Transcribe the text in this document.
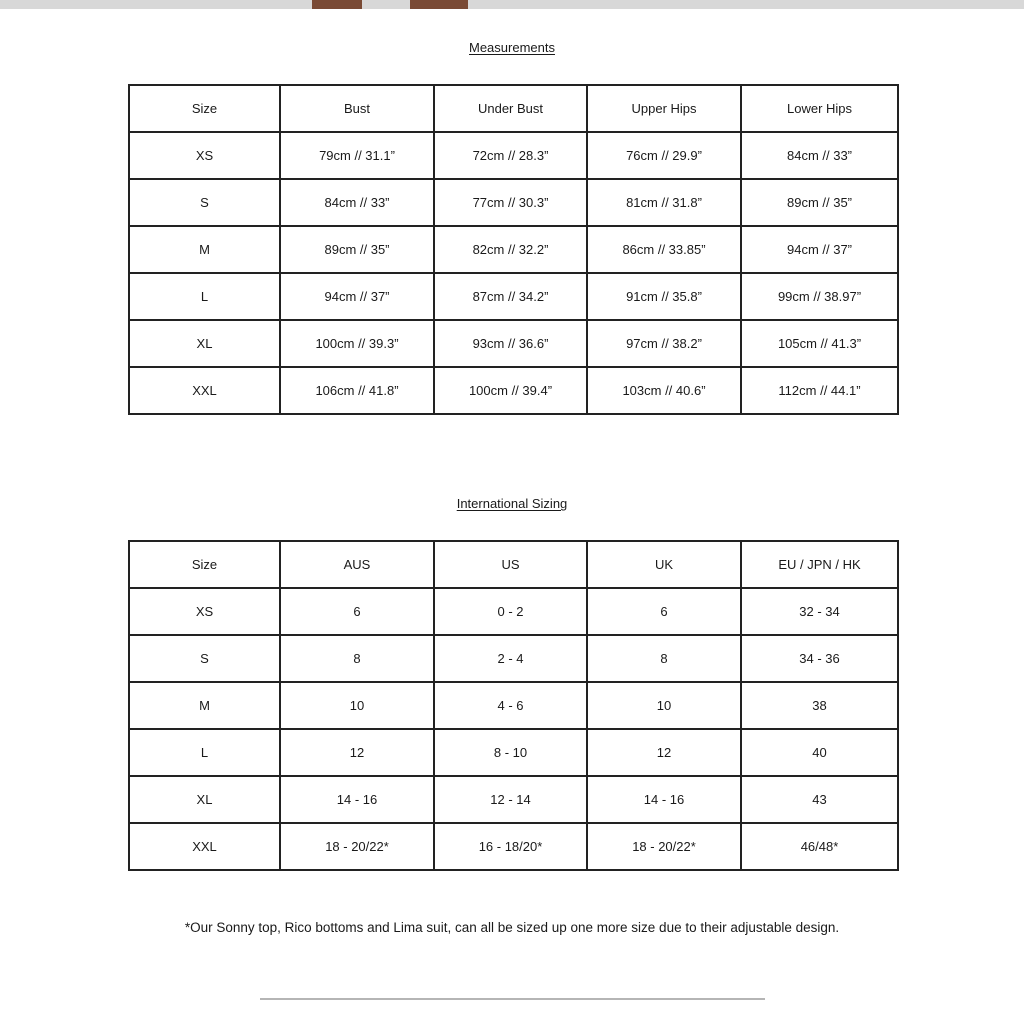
Measurements
Size	Bust	Under Bust	Upper Hips	Lower Hips
XS	79cm // 31.1”	72cm // 28.3”	76cm // 29.9”	84cm // 33”
S	84cm // 33”	77cm // 30.3”	81cm // 31.8”	89cm // 35”
M	89cm // 35”	82cm // 32.2”	86cm // 33.85”	94cm // 37”
L	94cm // 37”	87cm // 34.2”	91cm // 35.8”	99cm // 38.97”
XL	100cm // 39.3”	93cm // 36.6”	97cm // 38.2”	105cm // 41.3”
XXL	106cm // 41.8”	100cm // 39.4”	103cm // 40.6”	112cm // 44.1”
International Sizing
Size	AUS	US	UK	EU / JPN / HK
XS	6	0 - 2	6	32 - 34
S	8	2 - 4	8	34 - 36
M	10	4 - 6	10	38
L	12	8 - 10	12	40
XL	14 - 16	12 - 14	14 - 16	43
XXL	18 - 20/22*	16 - 18/20*	18 - 20/22*	46/48*
*Our Sonny top, Rico bottoms and Lima suit, can all be sized up one more size due to their adjustable design.
